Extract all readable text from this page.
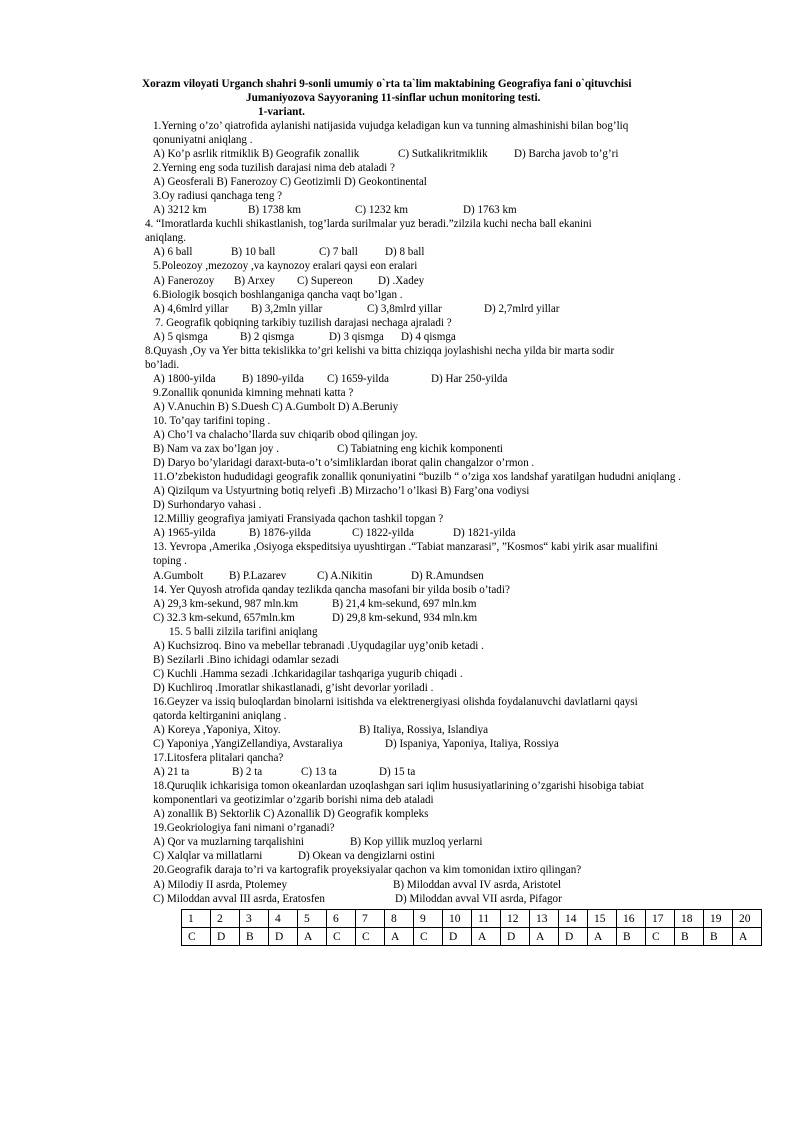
Xorazm viloyati Urganch shahri 9-sonli umumiy o`rta ta`lim maktabining Geografiya fani o`qituvchisi
Jumaniyozova Sayyoraning 11-sinflar uchun monitoring testi.
1-variant.
1.Yerning o’zo’ qiatrofida aylanishi natijasida vujudga keladigan kun va tunning almashinishi bilan bog’liq
qonuniyatni aniqlang .
A) Ko’p asrlik ritmiklik B) Geografik zonallik	C) Sutkalikritmiklik D) Barcha javob to’g’ri
2.Yerning eng soda tuzilish darajasi nima deb ataladi ?
A) Geosferali B) Fanerozoy C) Geotizimli D) Geokontinental
3.Oy radiusi qanchaga teng ?
A) 3212 km	B) 1738 km	C) 1232 km	D) 1763 km
4. “Imoratlarda kuchli shikastlanish, tog’larda surilmalar yuz beradi.”zilzila kuchi necha ball ekanini
aniqlang.
A) 6 ball	B) 10 ball	C) 7 ball D) 8 ball
5.Poleozoy ,mezozoy ,va kaynozoy eralari qaysi eon eralari
A) Fanerozoy B) Arxey C) Supereon D) .Xadey
6.Biologik bosqich boshlanganiga qancha vaqt bo’lgan .
A) 4,6mlrd yillar B) 3,2mln yillar	C) 3,8mlrd yillar	D) 2,7mlrd yillar
7. Geografik qobiqning tarkibiy tuzilish darajasi nechaga ajraladi ?
A) 5 qismga	B) 2 qismga	D) 3 qismga D) 4 qismga
8.Quyash ,Oy va Yer bitta tekislikka to’gri kelishi va bitta chiziqqa joylashishi necha yilda bir marta sodir
bo’ladi.
A) 1800-yilda B) 1890-yilda C) 1659-yilda	D) Har 250-yilda
9.Zonallik qonunida kimning mehnati katta ?
A) V.Anuchin B) S.Duesh C) A.Gumbolt D) A.Beruniy
10. To’qay tarifini toping .
A) Cho’l va chalacho’llarda suv chiqarib obod qilingan joy.
B) Nam va zax bo’lgan joy .	C) Tabiatning eng kichik komponenti
D) Daryo bo’ylaridagi daraxt-buta-o’t o’simliklardan iborat qalin changalzor o’rmon .
11.O’zbekiston hududidagi geografik zonallik qonuniyatini “buzilb “ o’ziga xos landshaf yaratilgan hududni aniqlang .
A) Qizilqum va Ustyurtning botiq relyefi .B) Mirzacho’l o’lkasi B) Farg’ona vodiysi
D) Surhondaryo vahasi .
12.Milliy geografiya jamiyati Fransiyada qachon tashkil topgan ?
A) 1965-yilda	B) 1876-yilda	C) 1822-yilda	D) 1821-yilda
13. Yevropa ,Amerika ,Osiyoga ekspeditsiya uyushtirgan .“Tabiat manzarasi”, ”Kosmos“ kabi yirik asar mualifini
toping .
A.Gumbolt B) P.Lazarev	C) A.Nikitin	D) R.Amundsen
14. Yer Quyosh atrofida qanday tezlikda qancha masofani bir yilda bosib o’tadi?
A) 29,3 km-sekund, 987 mln.km	B) 21,4 km-sekund, 697 mln.km
C) 32.3 km-sekund, 657mln.km	D) 29,8 km-sekund, 934 mln.km
15. 5 balli zilzila tarifini aniqlang
A) Kuchsizroq. Bino va mebellar tebranadi .Uyqudagilar uyg’onib ketadi .
B) Sezilarli .Bino ichidagi odamlar sezadi
C) Kuchli .Hamma sezadi .Ichkaridagilar tashqariga yugurib chiqadi .
D) Kuchliroq .Imoratlar shikastlanadi, g’isht devorlar yoriladi .
16.Geyzer va issiq buloqlardan binolarni isitishda va elektrenergiyasi olishda foydalanuvchi davlatlarni qaysi
qatorda keltirganini aniqlang .
A) Koreya ,Yaponiya, Xitoy.	B) Italiya, Rossiya, Islandiya
C) Yaponiya ,YangiZellandiya, Avstaraliya	D) Ispaniya, Yaponiya, Italiya, Rossiya
17.Litosfera plitalari qancha?
A) 21 ta	B) 2 ta	C) 13 ta	D) 15 ta
18.Quruqlik ichkarisiga tomon okeanlardan uzoqlashgan sari iqlim hususiyatlarining o’zgarishi hisobiga tabiat
komponentlari va geotizimlar o’zgarib borishi nima deb ataladi
A) zonallik B) Sektorlik C) Azonallik D) Geografik kompleks
19.Geokriologiya fani nimani o’rganadi?
A) Qor va muzlarning tarqalishini	B) Kop yillik muzloq yerlarni
C) Xalqlar va millatlarni	D) Okean va dengizlarni ostini
20.Geografik daraja to’ri va kartografik proyeksiyalar qachon va kim tomonidan ixtiro qilingan?
A) Milodiy II asrda, Ptolemey	B) Miloddan avval IV asrda, Aristotel
C) Miloddan avval III asrda, Eratosfen	D) Miloddan avval VII asrda, Pifagor
1	2	3	4	5	6	7	8	9	10	11	12	13	14	15	16	17	18	19	20
C	D	B	D	A	C	C	A	C	D	A	D	A	D	A	B	C	B	B	A
